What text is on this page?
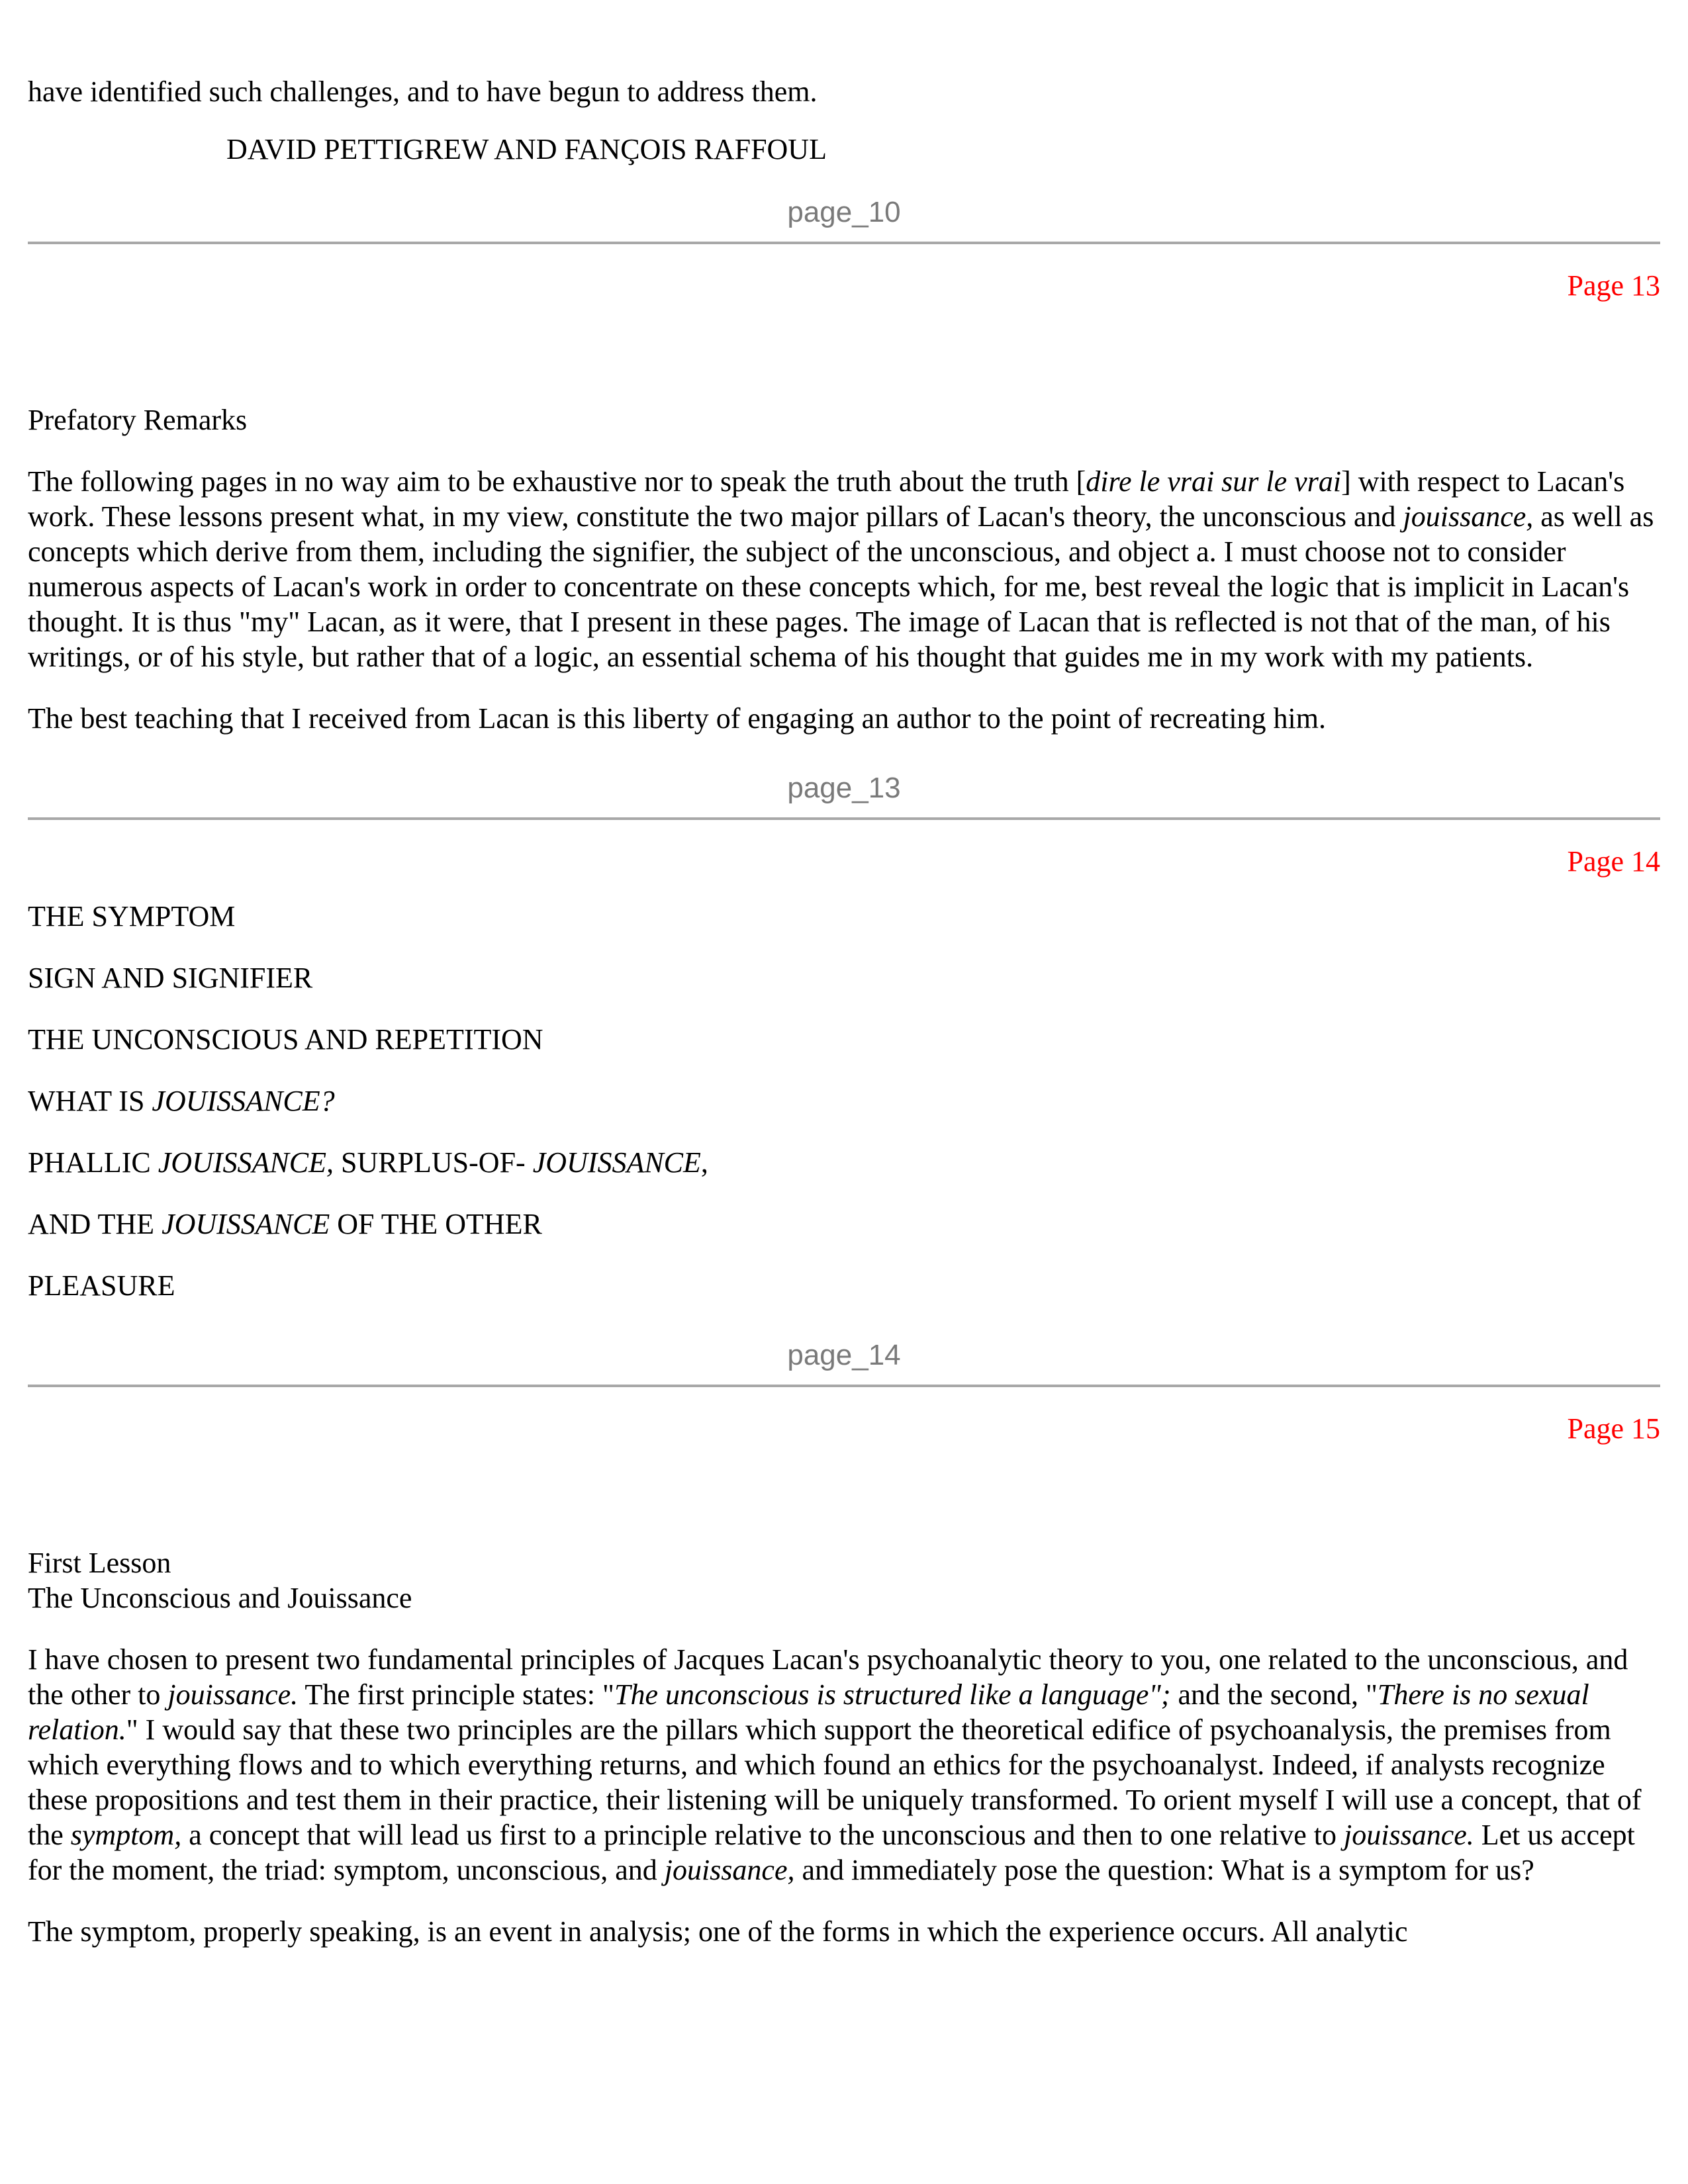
have identified such challenges, and to have begun to address them.

DAVID PETTIGREW AND FANÇOIS RAFFOUL

page_10
Page 13

Prefatory Remarks

The following pages in no way aim to be exhaustive nor to speak the truth about the truth [dire le vrai sur le vrai] with respect to Lacan's work. These lessons present what, in my view, constitute the two major pillars of Lacan's theory, the unconscious and jouissance, as well as concepts which derive from them, including the signifier, the subject of the unconscious, and object a. I must choose not to consider numerous aspects of Lacan's work in order to concentrate on these concepts which, for me, best reveal the logic that is implicit in Lacan's thought. It is thus "my" Lacan, as it were, that I present in these pages. The image of Lacan that is reflected is not that of the man, of his writings, or of his style, but rather that of a logic, an essential schema of his thought that guides me in my work with my patients.

The best teaching that I received from Lacan is this liberty of engaging an author to the point of recreating him.

page_13
Page 14

THE SYMPTOM

SIGN AND SIGNIFIER

THE UNCONSCIOUS AND REPETITION

WHAT IS JOUISSANCE?

PHALLIC JOUISSANCE, SURPLUS-OF- JOUISSANCE,

AND THE JOUISSANCE OF THE OTHER

PLEASURE

page_14
Page 15

First Lesson

The Unconscious and Jouissance

I have chosen to present two fundamental principles of Jacques Lacan's psychoanalytic theory to you, one related to the unconscious, and the other to jouissance. The first principle states: "The unconscious is structured like a language"; and the second, "There is no sexual relation." I would say that these two principles are the pillars which support the theoretical edifice of psychoanalysis, the premises from which everything flows and to which everything returns, and which found an ethics for the psychoanalyst. Indeed, if analysts recognize these propositions and test them in their practice, their listening will be uniquely transformed. To orient myself I will use a concept, that of the symptom, a concept that will lead us first to a principle relative to the unconscious and then to one relative to jouissance. Let us accept for the moment, the triad: symptom, unconscious, and jouissance, and immediately pose the question: What is a symptom for us?

The symptom, properly speaking, is an event in analysis; one of the forms in which the experience occurs. All analytic
